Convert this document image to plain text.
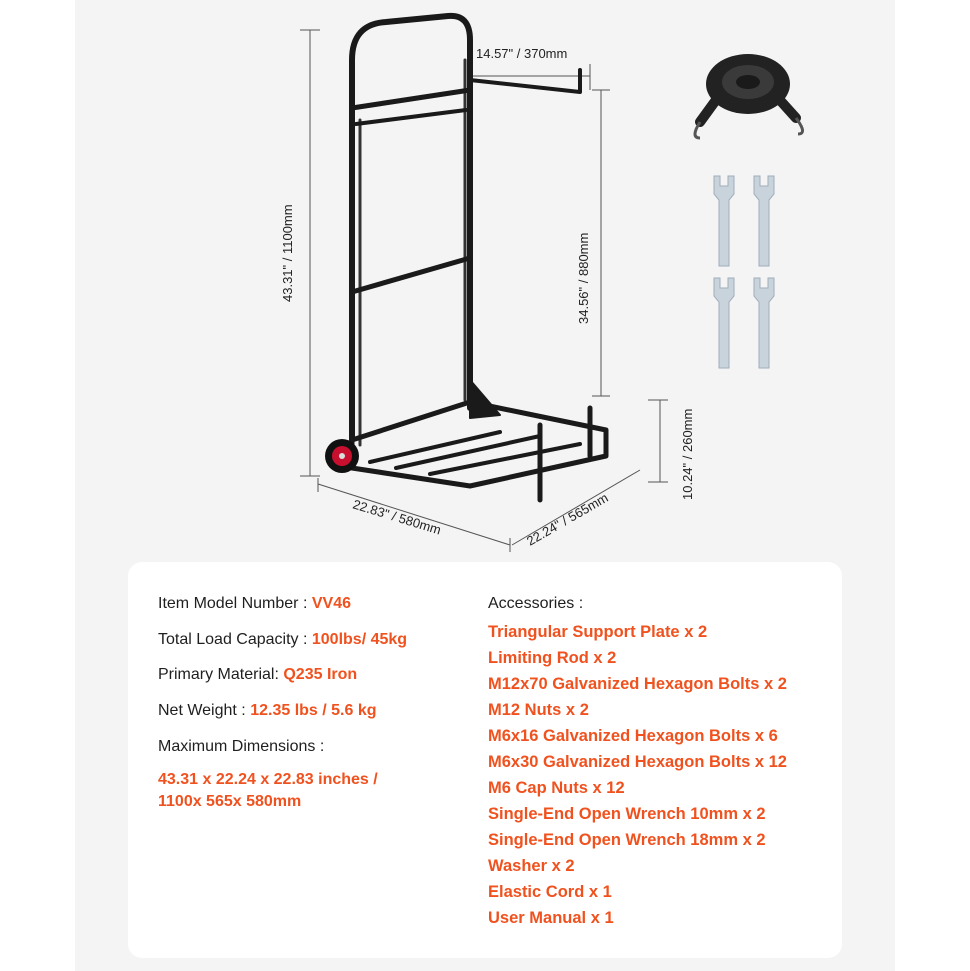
14.57" / 370mm
43.31" / 1100mm	34.56" / 880mm
10.24" / 260mm
22.83" / 580mm	22.24" / 565mm
Item Model Number : VV46
Total Load Capacity : 100lbs/ 45kg
Primary Material: Q235 Iron
Net Weight : 12.35 lbs / 5.6 kg
Maximum Dimensions :
43.31 x 22.24 x 22.83 inches /
1100x 565x 580mm
Accessories :
Triangular Support Plate x 2
Limiting Rod x 2
M12x70 Galvanized Hexagon Bolts x 2
M12 Nuts x 2
M6x16 Galvanized Hexagon Bolts x 6
M6x30 Galvanized Hexagon Bolts x 12
M6 Cap Nuts x 12
Single-End Open Wrench 10mm x 2
Single-End Open Wrench 18mm x 2
Washer x 2
Elastic Cord x 1
User Manual x 1
